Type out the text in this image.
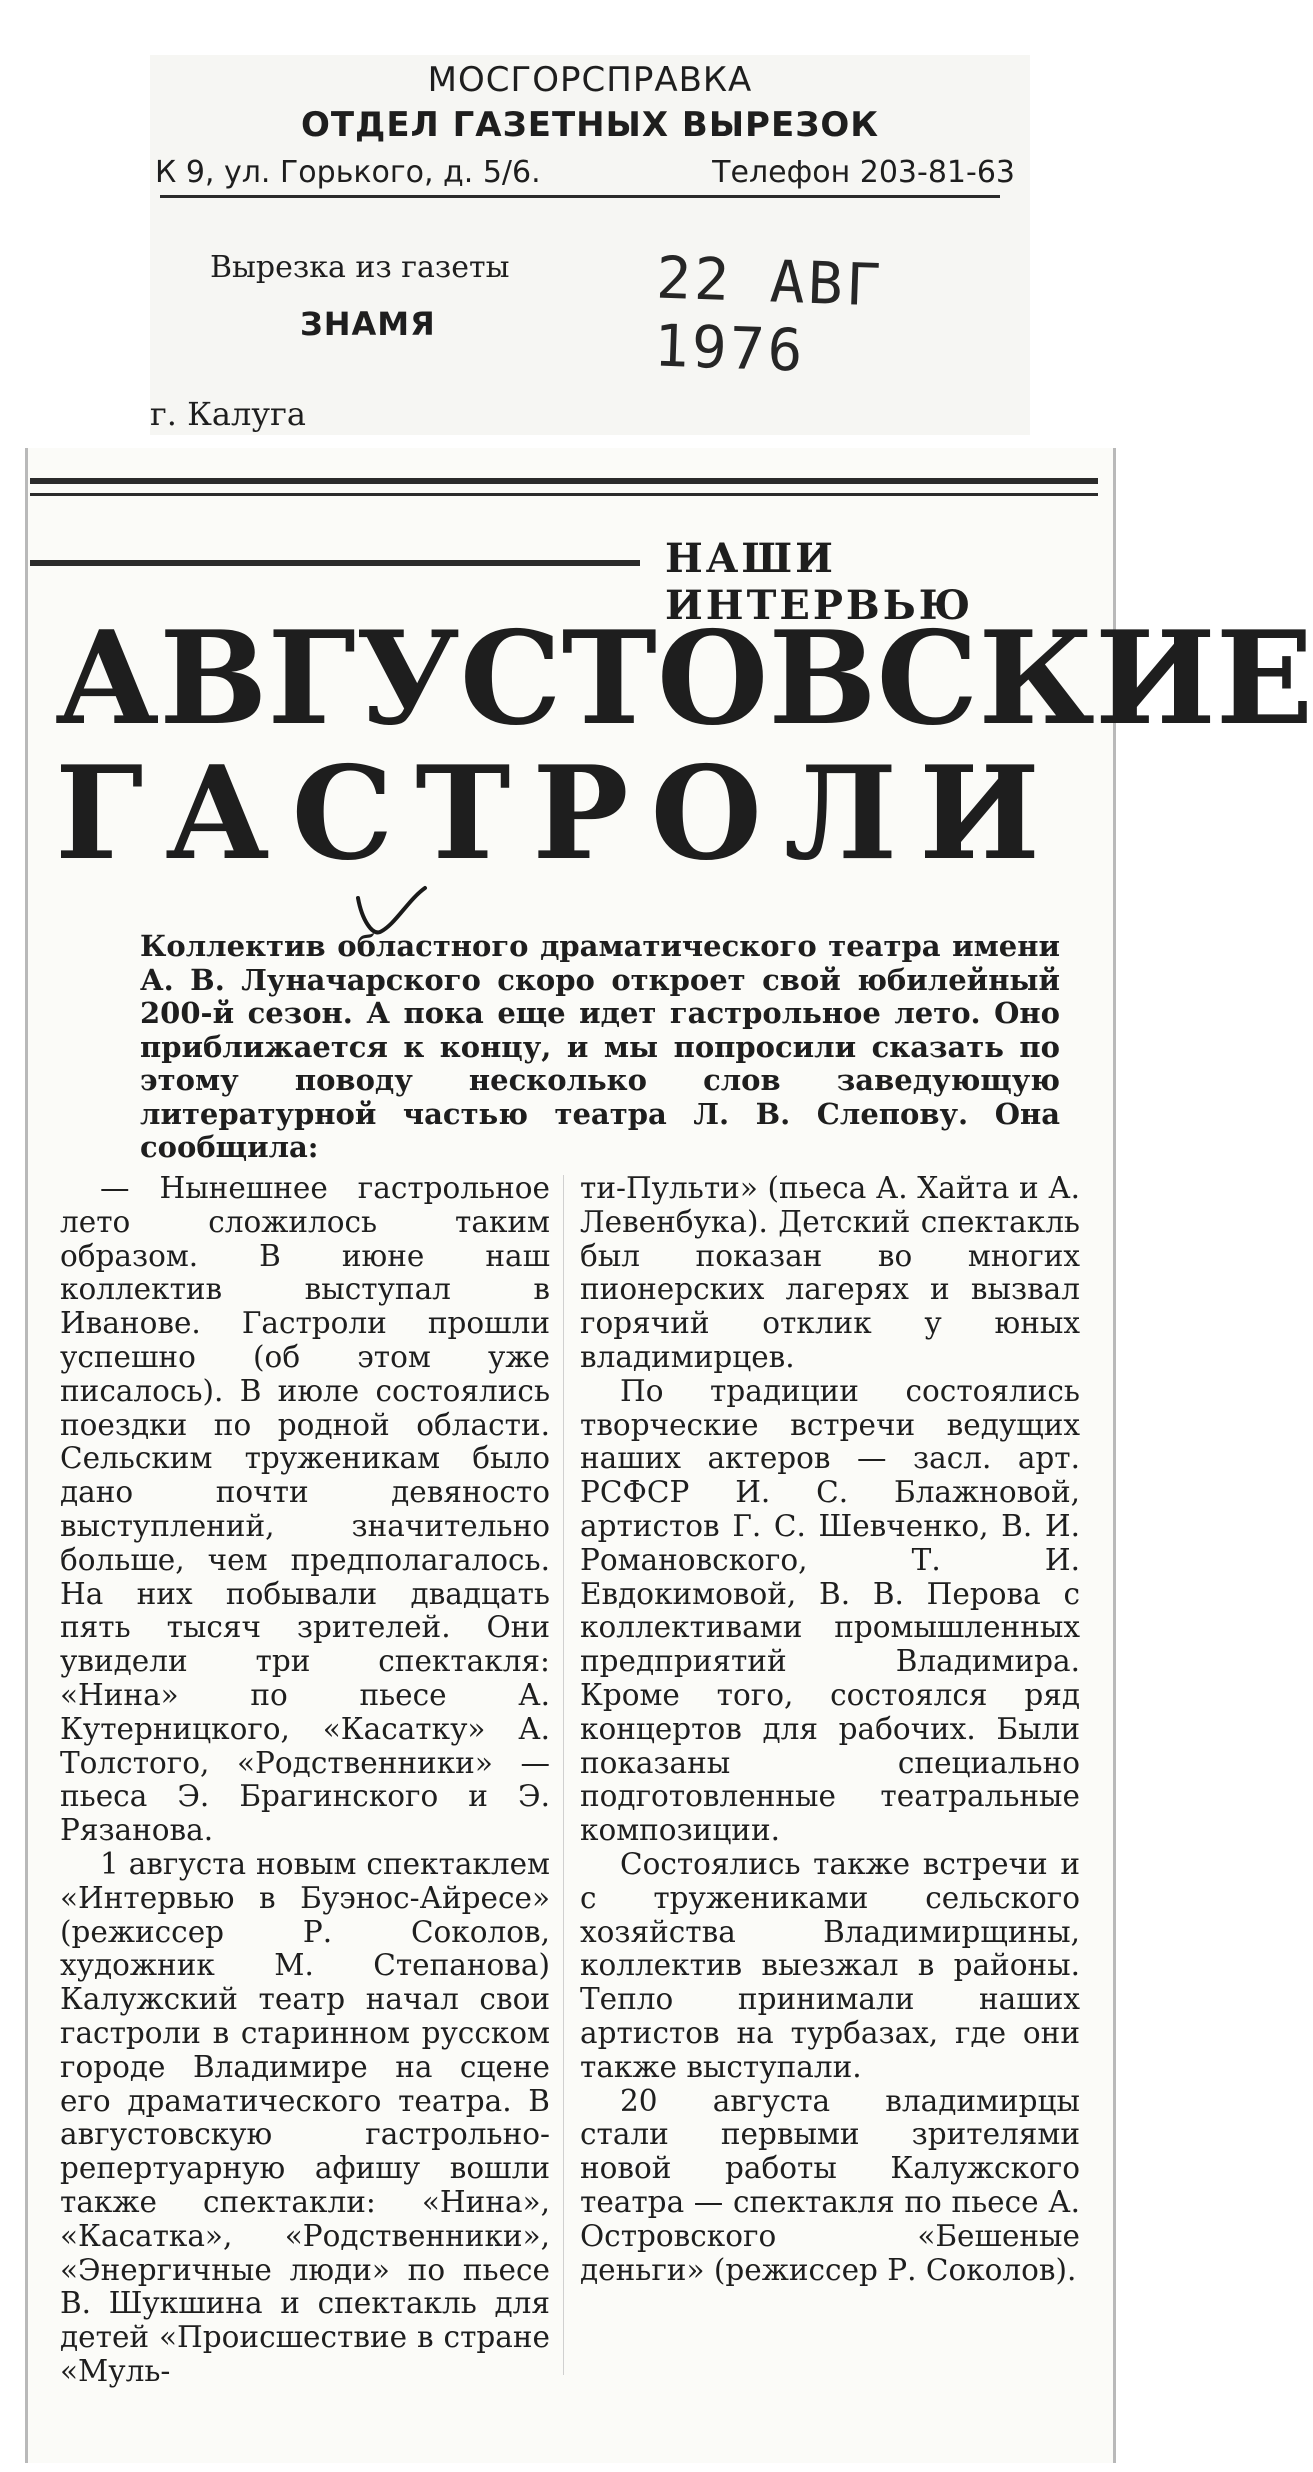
МОСГОРСПРАВКА
ОТДЕЛ ГАЗЕТНЫХ ВЫРЕЗОК
К 9, ул. Горького, д. 5/6.	Телефон 203-81-63
Вырезка из газеты
ЗНАМЯ
22 АВГ 1976
г. Калуга
НАШИ ИНТЕРВЬЮ
А В Г У С Т О В С К И Е
Г А С Т Р О Л И

Коллектив областного драматического театра имени А. В. Луначарского скоро откроет свой юбилейный 200-й сезон. А пока еще идет гастрольное лето. Оно приближается к концу, и мы попросили сказать по этому поводу несколько слов заведующую литературной частью театра Л. В. Слепову. Она сообщила:

— Нынешнее гастрольное лето сложилось таким образом. В июне наш коллектив выступал в Иванове. Гастроли прошли успешно (об этом уже писалось). В июле состоялись поездки по родной области. Сельским труженикам было дано почти девяносто выступлений, значительно больше, чем предполагалось. На них побывали двадцать пять тысяч зрителей. Они увидели три спектакля: «Нина» по пьесе А. Кутерницкого, «Касатку» А. Толстого, «Родственники» — пьеса Э. Брагинского и Э. Рязанова.

1 августа новым спектаклем «Интервью в Буэнос-Айресе» (режиссер Р. Соколов, художник М. Степанова) Калужский театр начал свои гастроли в старинном русском городе Владимире на сцене его драматического театра. В августовскую гастрольно-репертуарную афишу вошли также спектакли: «Нина», «Касатка», «Родственники», «Энергичные люди» по пьесе В. Шукшина и спектакль для детей «Происшествие в стране «Муль-

ти-Пульти» (пьеса А. Хайта и А. Левенбука). Детский спектакль был показан во многих пионерских лагерях и вызвал горячий отклик у юных владимирцев.

По традиции состоялись творческие встречи ведущих наших актеров — засл. арт. РСФСР И. С. Блажновой, артистов Г. С. Шевченко, В. И. Романовского, Т. И. Евдокимовой, В. В. Перова с коллективами промышленных предприятий Владимира. Кроме того, состоялся ряд концертов для рабочих. Были показаны специально подготовленные театральные композиции.

Состоялись также встречи и с тружениками сельского хозяйства Владимирщины, коллектив выезжал в районы. Тепло принимали наших артистов на турбазах, где они также выступали.

20 августа владимирцы стали первыми зрителями новой работы Калужского театра — спектакля по пьесе А. Островского «Бешеные деньги» (режиссер Р. Соколов).
